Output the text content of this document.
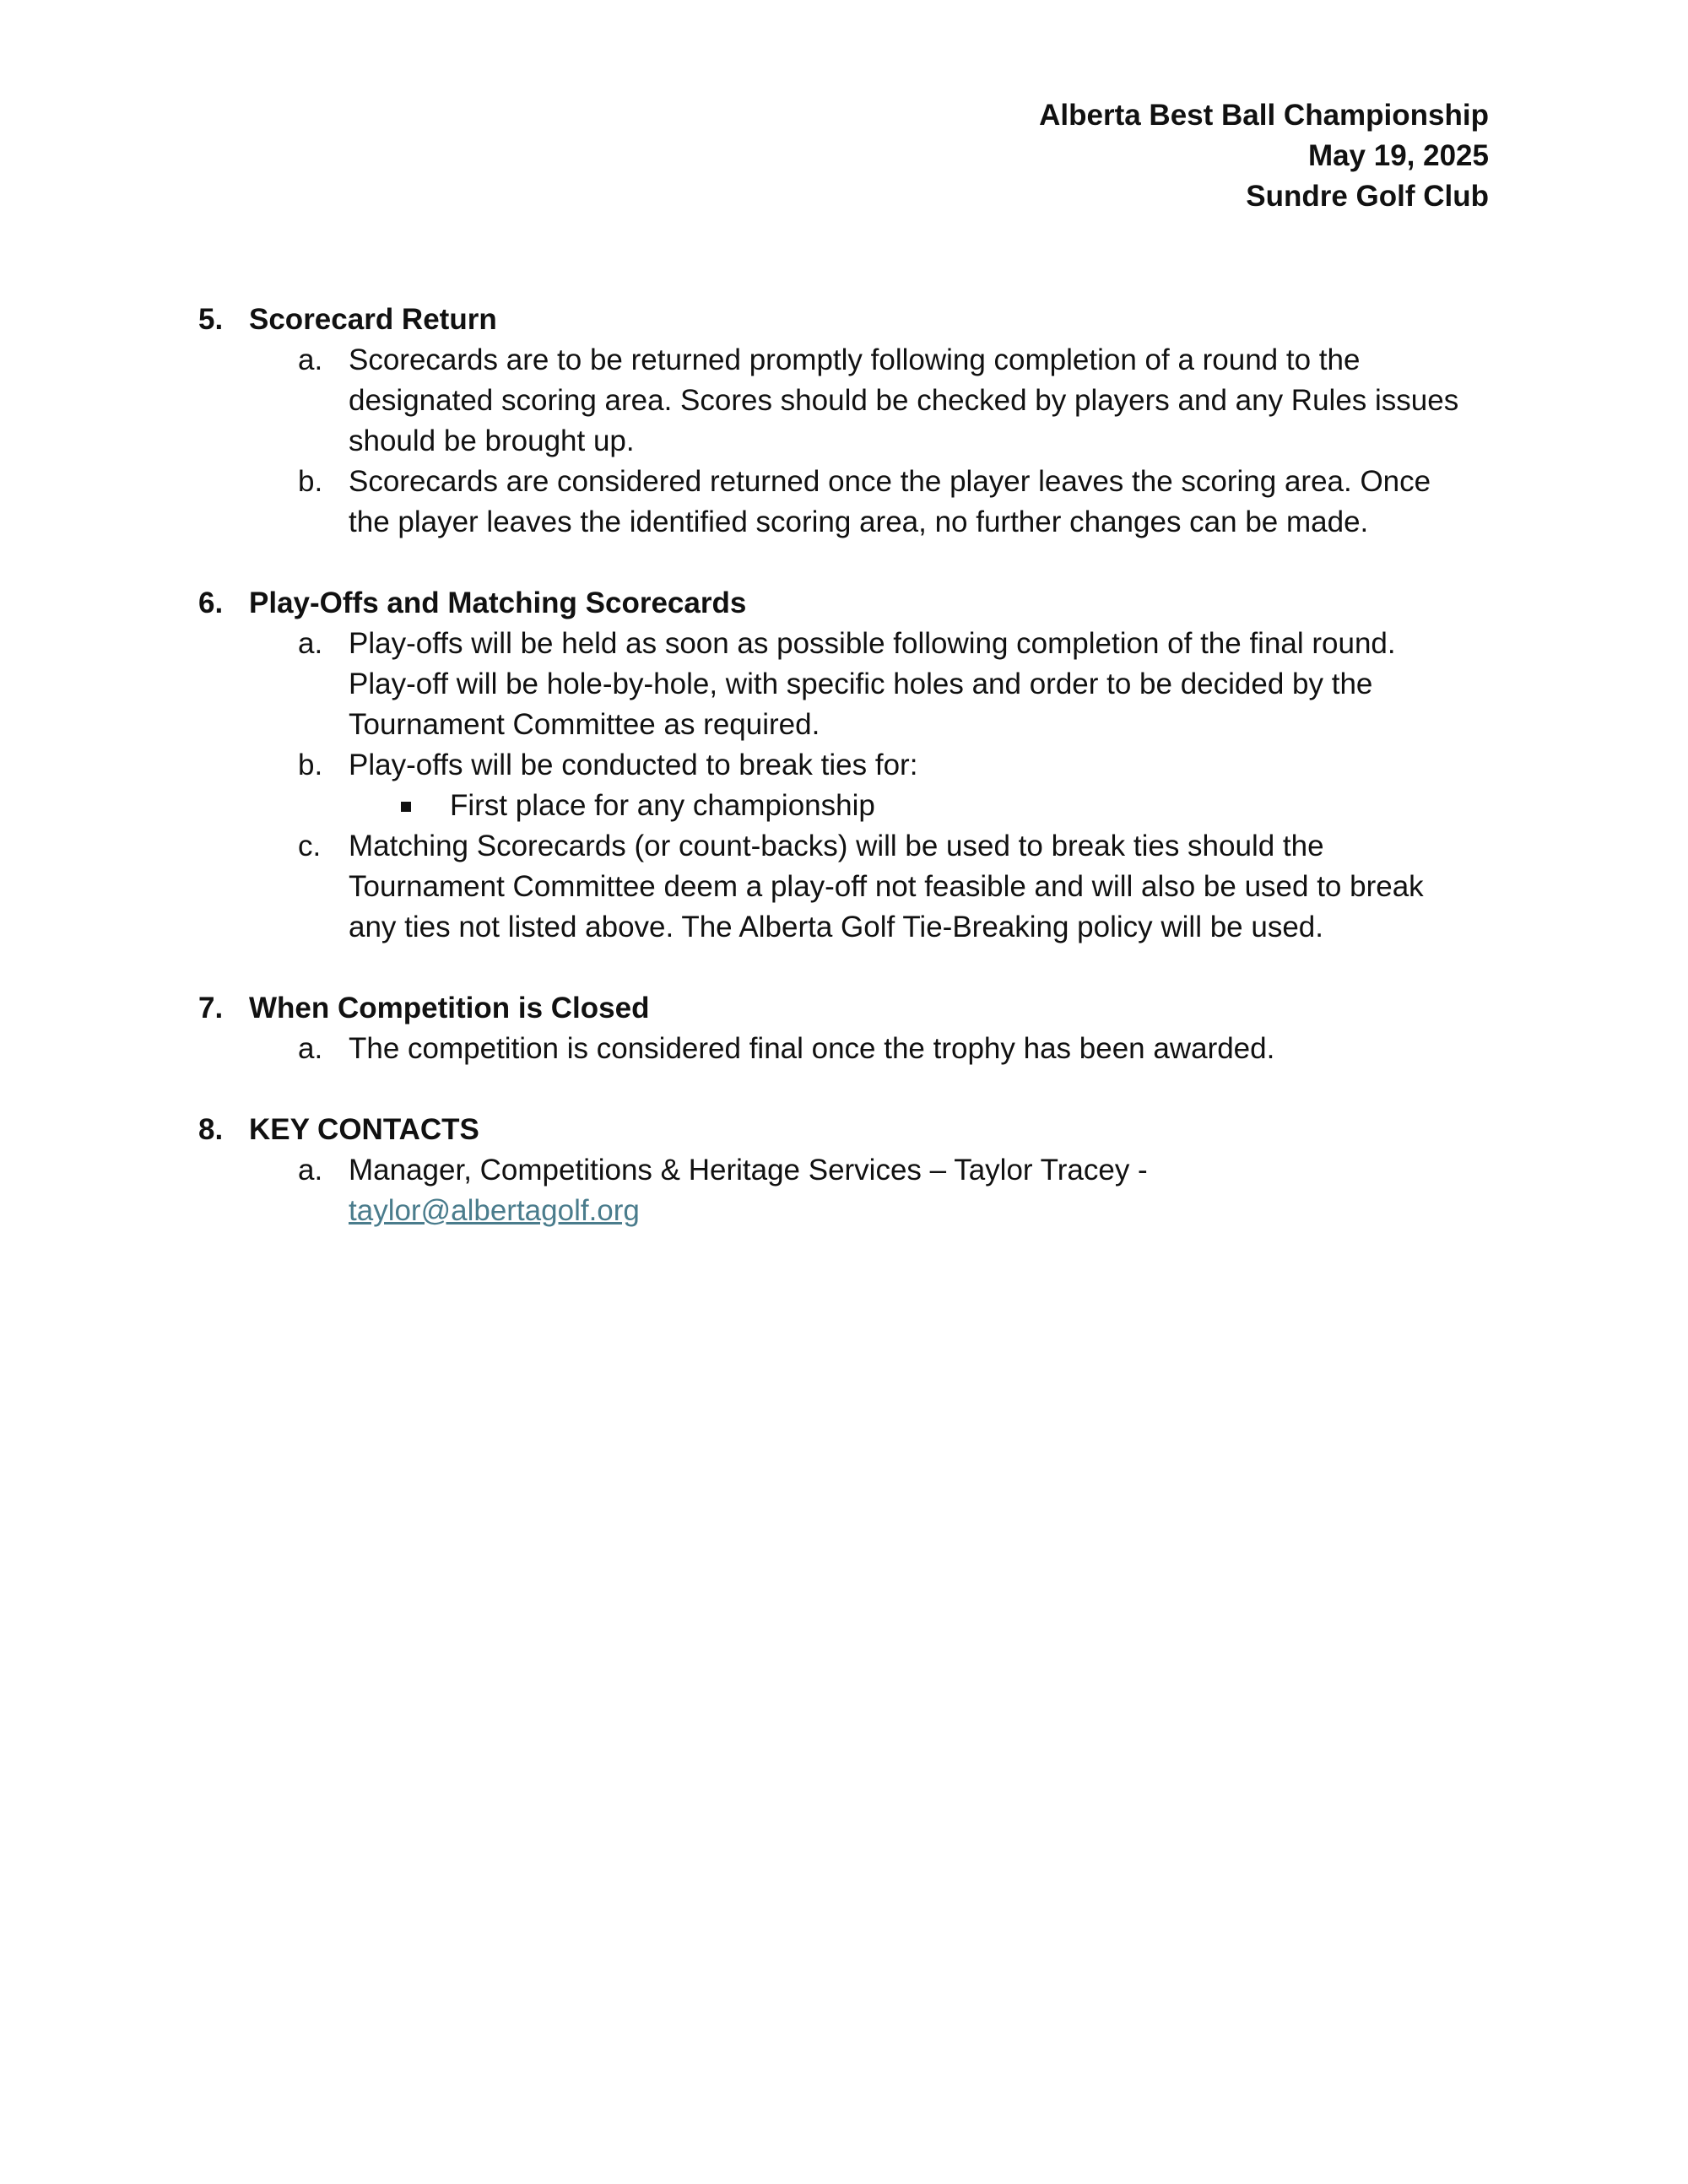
Alberta Best Ball Championship
May 19, 2025
Sundre Golf Club
5. Scorecard Return
a. Scorecards are to be returned promptly following completion of a round to the designated scoring area. Scores should be checked by players and any Rules issues should be brought up.
b. Scorecards are considered returned once the player leaves the scoring area. Once the player leaves the identified scoring area, no further changes can be made.
6. Play-Offs and Matching Scorecards
a. Play-offs will be held as soon as possible following completion of the final round. Play-off will be hole-by-hole, with specific holes and order to be decided by the Tournament Committee as required.
b. Play-offs will be conducted to break ties for:
First place for any championship
c. Matching Scorecards (or count-backs) will be used to break ties should the Tournament Committee deem a play-off not feasible and will also be used to break any ties not listed above. The Alberta Golf Tie-Breaking policy will be used.
7. When Competition is Closed
a. The competition is considered final once the trophy has been awarded.
8. KEY CONTACTS
a. Manager, Competitions & Heritage Services – Taylor Tracey -
taylor@albertagolf.org
